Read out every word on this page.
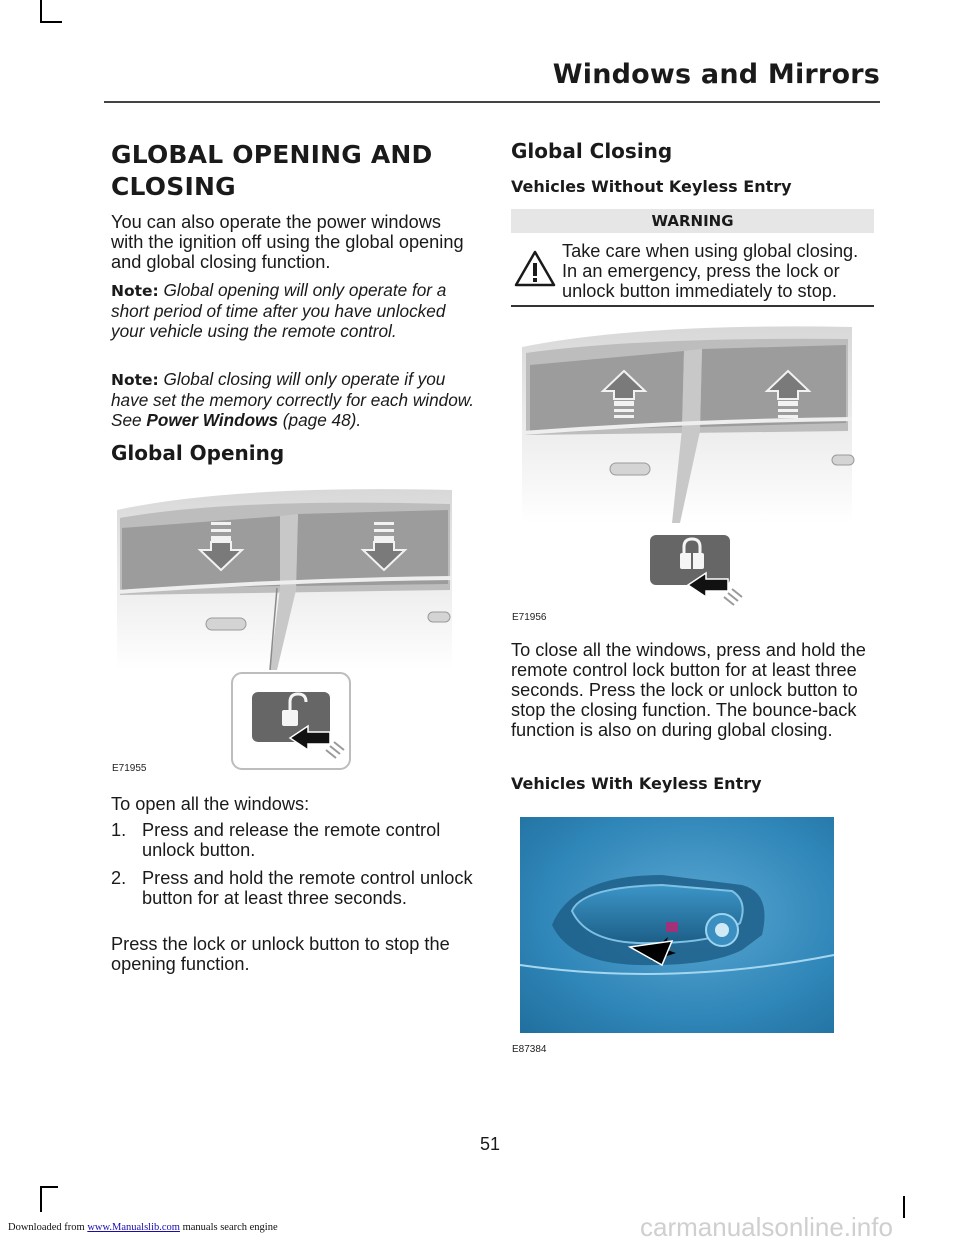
Windows and Mirrors
GLOBAL OPENING AND
CLOSING
You can also operate the power windows with the ignition off using the global opening and global closing function.
Note: Global opening will only operate for a short period of time after you have unlocked your vehicle using the remote control.
Note: Global closing will only operate if you have set the memory correctly for each window. See Power Windows (page 48).
Global Opening
E71955
To open all the windows:
1. Press and release the remote control unlock button.
2. Press and hold the remote control unlock button for at least three seconds.
Press the lock or unlock button to stop the opening function.
Global Closing
Vehicles Without Keyless Entry
WARNING
Take care when using global closing. In an emergency, press the lock or unlock button immediately to stop.
E71956
To close all the windows, press and hold the remote control lock button for at least three seconds. Press the lock or unlock button to stop the closing function. The bounce-back function is also on during global closing.
Vehicles With Keyless Entry
E87384
51
Downloaded from www.Manualslib.com manuals search engine	carmanualsonline.info
